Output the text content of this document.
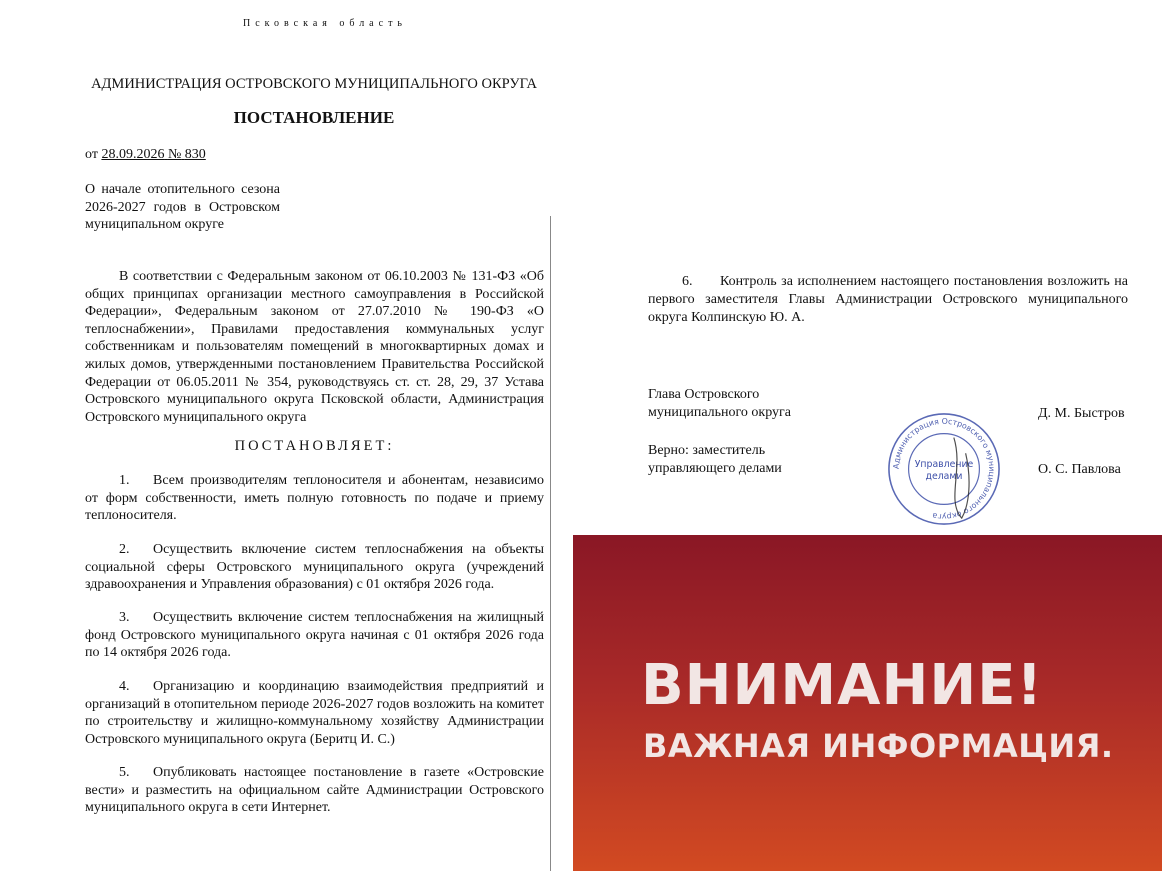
Псковская область
АДМИНИСТРАЦИЯ ОСТРОВСКОГО МУНИЦИПАЛЬНОГО ОКРУГА
ПОСТАНОВЛЕНИЕ
от 28.09.2026 № 830
О начале отопительного сезона 2026-2027 годов в Островском муниципальном округе
В соответствии с Федеральным законом от 06.10.2003 № 131-ФЗ «Об общих принципах организации местного самоуправления в Российской Федерации», Федеральным законом от 27.07.2010 № 190-ФЗ «О теплоснабжении», Правилами предоставления коммунальных услуг собственникам и пользователям помещений в многоквартирных домах и жилых домов, утвержденными постановлением Правительства Российской Федерации от 06.05.2011 № 354, руководствуясь ст. ст. 28, 29, 37 Устава Островского муниципального округа Псковской области, Администрация Островского муниципального округа
ПОСТАНОВЛЯЕТ:
1. Всем производителям теплоносителя и абонентам, независимо от форм собственности, иметь полную готовность по подаче и приему теплоносителя.
2. Осуществить включение систем теплоснабжения на объекты социальной сферы Островского муниципального округа (учреждений здравоохранения и Управления образования) с 01 октября 2026 года.
3. Осуществить включение систем теплоснабжения на жилищный фонд Островского муниципального округа начиная с 01 октября 2026 года по 14 октября 2026 года.
4. Организацию и координацию взаимодействия предприятий и организаций в отопительном периоде 2026-2027 годов возложить на комитет по строительству и жилищно-коммунальному хозяйству Администрации Островского муниципального округа (Беритц И. С.)
5. Опубликовать настоящее постановление в газете «Островские вести» и разместить на официальном сайте Администрации Островского муниципального округа в сети Интернет.
6. Контроль за исполнением настоящего постановления возложить на первого заместителя Главы Администрации Островского муниципального округа Колпинскую Ю. А.
Глава Островского
муниципального округа	Д. М. Быстров
Верно: заместитель
управляющего делами	О. С. Павлова
Администрация Островского муниципального округа
Управление
делами
ВНИМАНИЕ!
ВАЖНАЯ ИНФОРМАЦИЯ.
